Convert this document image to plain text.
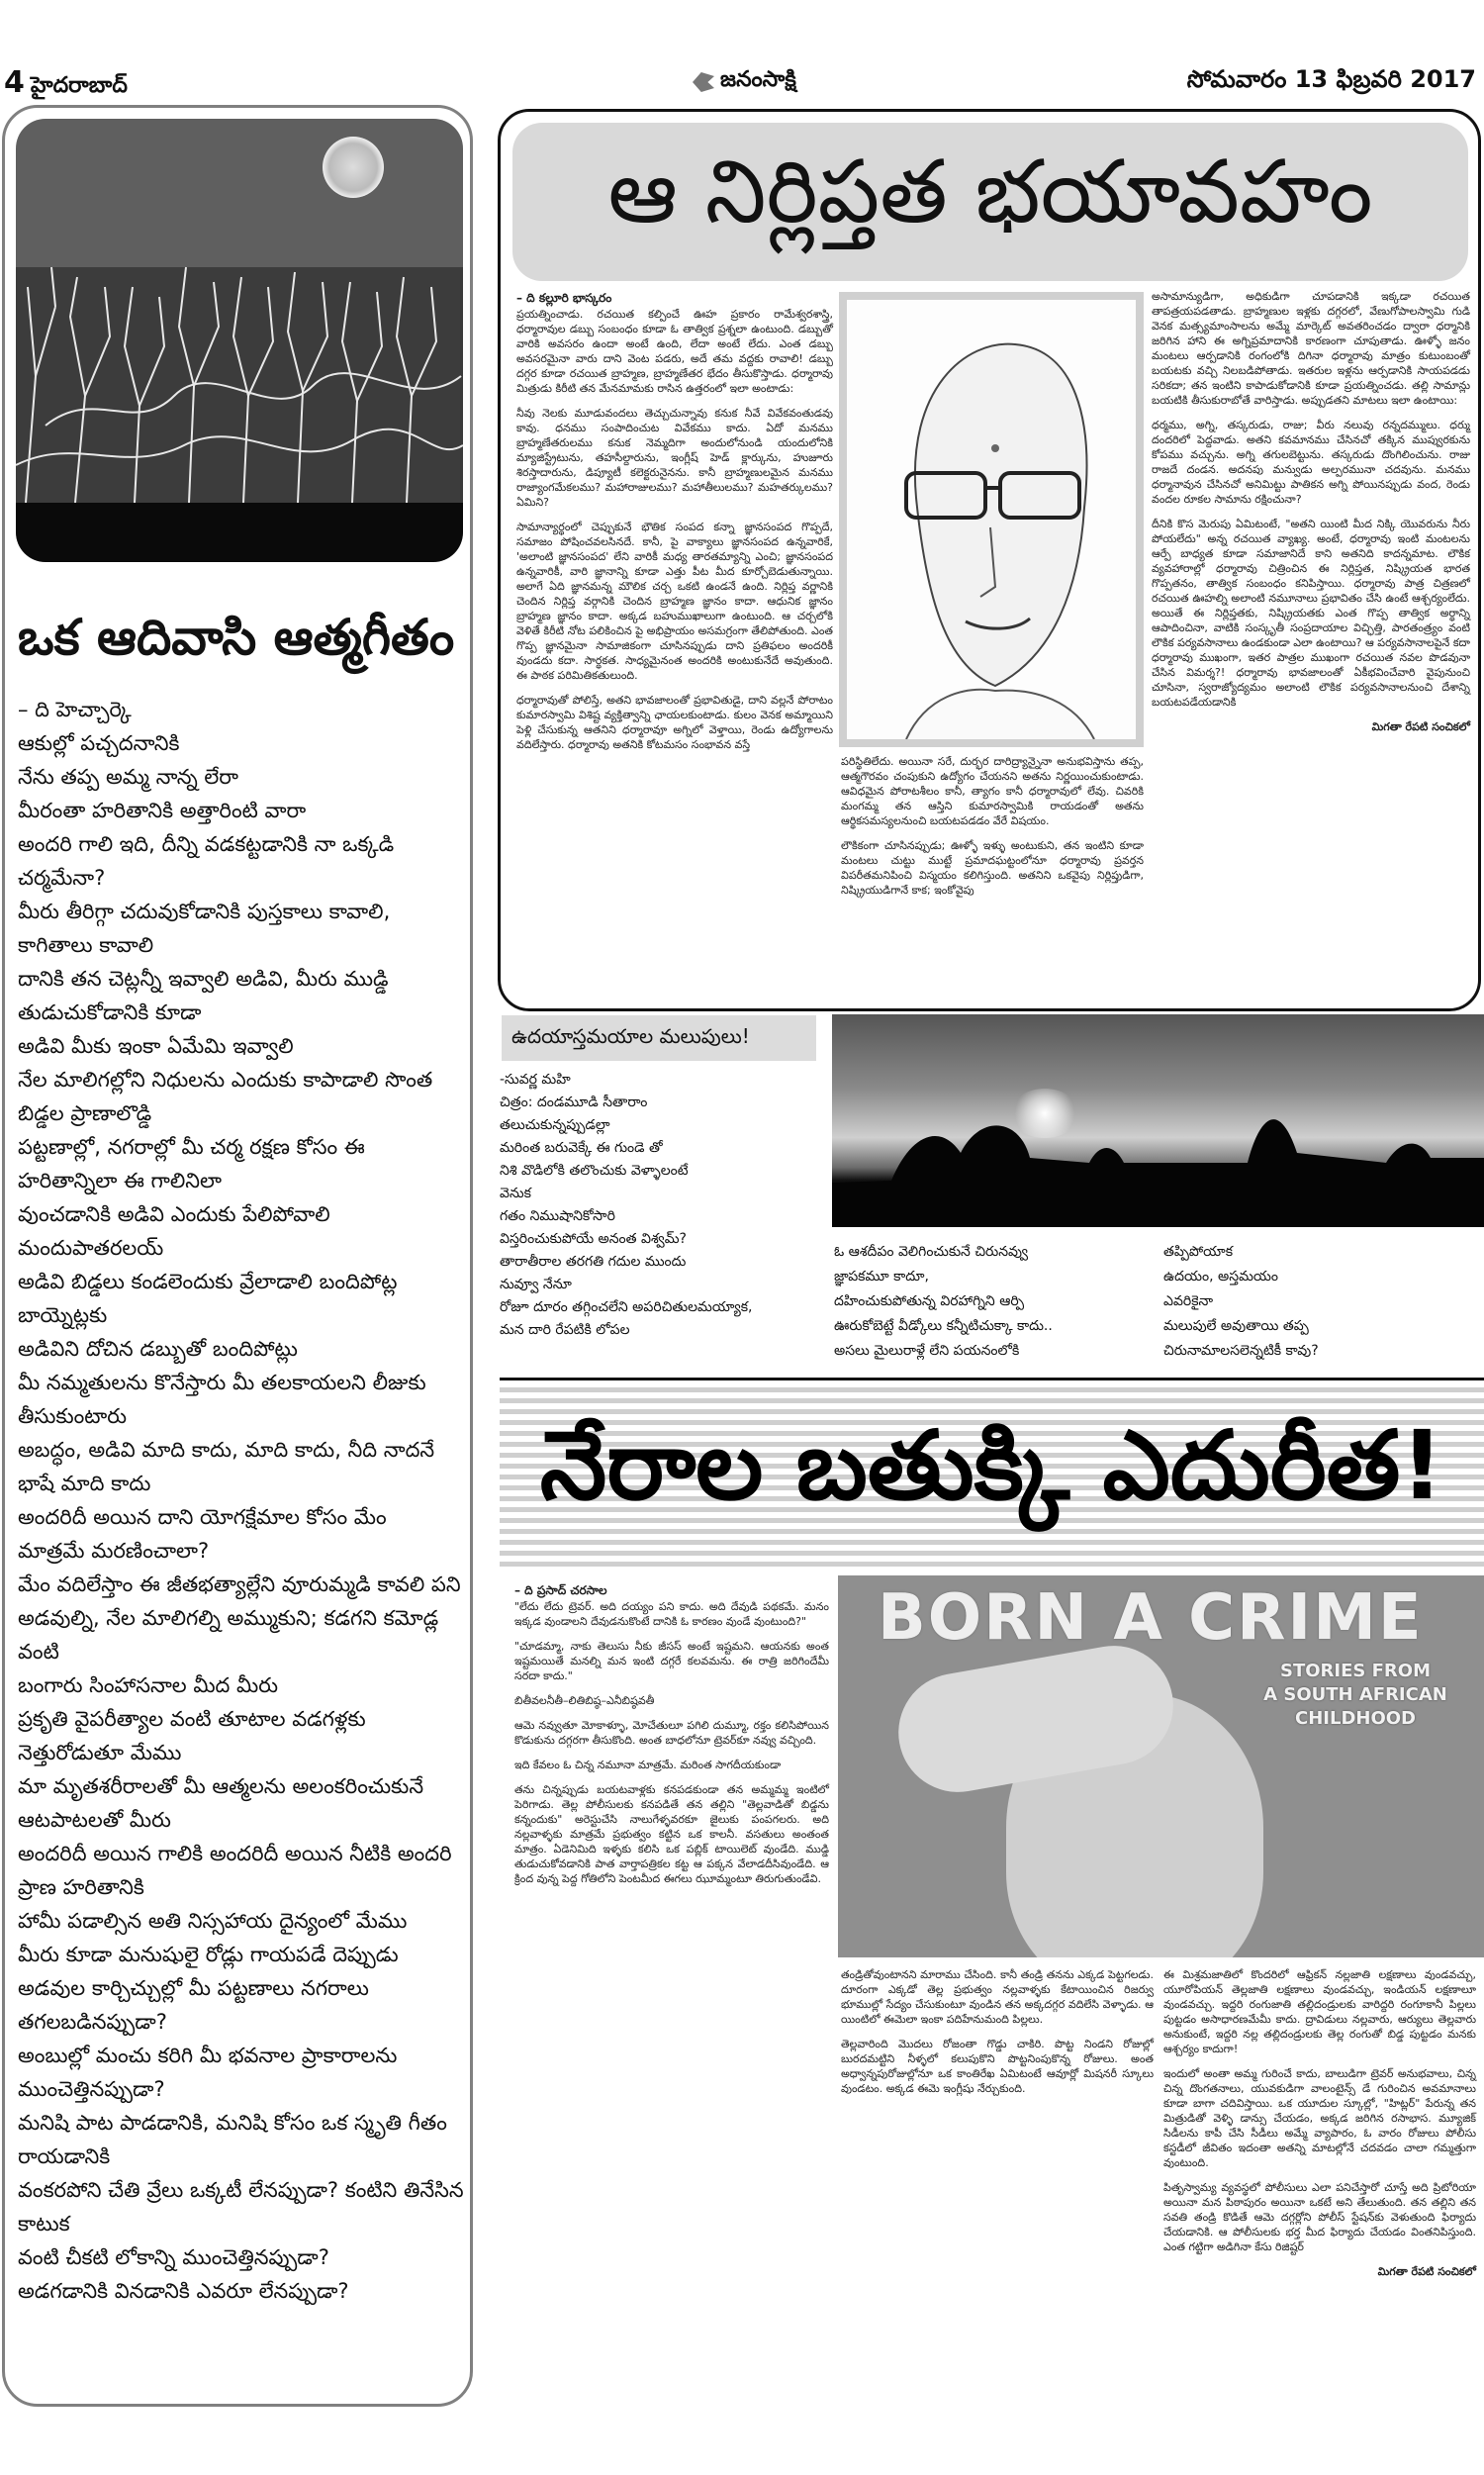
4 హైదరాబాద్	జనంసాక్షి	సోమవారం 13 ఫిబ్రవరి 2017
ఒక ఆదివాసి ఆత్మగీతం
– ది హెచ్చార్కె
ఆకుల్లో పచ్చదనానికి
నేను తప్ప అమ్మ నాన్న లేరా
మీరంతా హరితానికి అత్తారింటి వారా
అందరి గాలి ఇది, దీన్ని వడకట్టడానికి నా ఒక్కడి
చర్మమేనా?
మీరు తీరిగ్గా చదువుకోడానికి పుస్తకాలు కావాలి,
కాగితాలు కావాలి
దానికి తన చెట్లన్నీ ఇవ్వాలి అడివి, మీరు ముడ్డి
తుడుచుకోడానికి కూడా
అడివి మీకు ఇంకా ఏమేమి ఇవ్వాలి
నేల మాలిగల్లోని నిధులను ఎందుకు కాపాడాలి సొంత
బిడ్డల ప్రాణాలొడ్డి
పట్టణాల్లో, నగరాల్లో మీ చర్మ రక్షణ కోసం ఈ
హరితాన్నిలా ఈ గాలినిలా
వుంచడానికి అడివి ఎందుకు పేలిపోవాలి
మందుపాతరలయ్
అడివి బిడ్డలు కండలెందుకు వ్రేలాడాలి బందిపోట్ల
బాయ్నెట్లకు
అడివిని దోచిన డబ్బుతో బందిపోట్లు
మీ నమ్మతులను కొనేస్తారు మీ తలకాయలని లీజుకు
తీసుకుంటారు
అబద్ధం, అడివి మాది కాదు, మాది కాదు, నీది నాదనే
భాషే మాది కాదు
అందరిదీ అయిన దాని యోగక్షేమాల కోసం మేం
మాత్రమే మరణించాలా?
మేం వదిలేస్తాం ఈ జీతభత్యాల్లేని వూరుమ్మడి కావలి పని
అడవుల్ని, నేల మాలిగల్ని అమ్ముకుని; కడగని కమోడ్ల
వంటి
బంగారు సింహాసనాల మీద మీరు
ప్రకృతి వైపరీత్యాల వంటి తూటాల వడగళ్లకు
నెత్తురోడుతూ మేము
మా మృతశరీరాలతో మీ ఆత్మలను అలంకరించుకునే
ఆటపాటలతో మీరు
అందరిదీ అయిన గాలికి అందరిదీ అయిన నీటికి అందరి
ప్రాణ హరితానికి
హామీ పడాల్సిన అతి నిస్సహాయ దైన్యంలో మేము
మీరు కూడా మనుషులై రోడ్లు గాయపడే దెప్పుడు
అడవుల కార్చిచ్చుల్లో మీ పట్టణాలు నగరాలు
తగలబడినప్పుడా?
అంబుల్లో మంచు కరిగి మీ భవనాల ప్రాకారాలను
ముంచెత్తినప్పుడా?
మనిషి పాట పాడడానికి, మనిషి కోసం ఒక స్మృతి గీతం
రాయడానికి
వంకరపోని చేతి వ్రేలు ఒక్కటీ లేనప్పుడా? కంటిని తినేసిన
కాటుక
వంటి చీకటి లోకాన్ని ముంచెత్తినప్పుడా?
అడగడానికి వినడానికి ఎవరూ లేనప్పుడా?
ఆ నిర్లిప్తత భయావహం
– ది కల్లూరి భాస్కరం

ప్రయత్నించాడు. రచయిత కల్పించే ఊహ ప్రకారం రామేశ్వరశాస్త్రి, ధర్మారావుల డబ్బు సంబంధం కూడా ఓ తాత్విక ప్రశ్నలా ఉంటుంది. డబ్బుతో వారికి అవసరం ఉందా అంటే ఉంది, లేదా అంటే లేదు. ఎంత డబ్బు అవసరమైనా వారు దాని వెంట పడరు, అదే తమ వద్దకు రావాలి! డబ్బు దగ్గర కూడా రచయిత బ్రాహ్మణ, బ్రాహ్మణేతర భేదం తీసుకొస్తాడు. ధర్మారావు మిత్రుడు కిరీటి తన మేనమామకు రాసిన ఉత్తరంలో ఇలా అంటాడు:

నీవు నెలకు మూడువందలు తెచ్చుచున్నావు కనుక నీవే వివేకవంతుడవు కావు. ధనము సంపాదించుట వివేకము కాదు. ఏదో మనము బ్రాహ్మణేతరులము కనుక నెమ్మదిగా అందులోనుండి యందులోనికి మ్యాజిస్ట్రేటును, తహసీల్దారును, ఇంగ్లీష్ హెడ్ క్లార్కును, హుజూరు శిరస్తాదారును, డిప్యూటీ కలెక్టరునైనను. కానీ బ్రాహ్మణులమైన మనము రాజ్యాంగమేకలము? మహారాజులము? మహాతీలులము? మహతర్కులము? ఏమిని?

సామాన్యార్థంలో చెప్పుకునే భౌతిక సంపద కన్నా జ్ఞానసంపద గొప్పదే, సమాజం పోషించవలసినదే. కానీ, పై వాక్యాలు జ్ఞానసంపద ఉన్నవారికే, 'అలాంటి జ్ఞానసంపద' లేని వారికీ మధ్య తారతమ్యాన్ని ఎంచి; జ్ఞానసంపద ఉన్నవారికీ, వారి జ్ఞానాన్ని కూడా ఎత్తు పీట మీద కూర్చోబెడుతున్నాయి. అలాగే ఏది జ్ఞానమన్న మౌలిక చర్చ ఒకటి ఉండనే ఉంది. నిర్లిప్త వర్ణానికి చెందిన నిర్లిప్త వర్గానికి చెందిన బ్రాహ్మణ జ్ఞానం కాదా. ఆధునిక జ్ఞానం బ్రాహ్మణ జ్ఞానం కాదా. అక్కడ బహుముఖాలుగా ఉంటుంది. ఆ చర్చలోకి వెళితే కిరీటి నోట పలికించిన పై అభిప్రాయం అసమగ్రంగా తేలిపోతుంది. ఎంత గొప్ప జ్ఞానమైనా సామాజికంగా చూసినప్పుడు దాని ప్రతిఫలం అందరికీ వుండదు కదా. సార్థకత. సాధ్యమైనంత అందరికి అంటుకునేదే అవుతుంది. ఈ పాఠక పరిమితికతులుంది.

ధర్మారావుతో పోలిస్తే, అతని భావజాలంతో ప్రభావితుడై, దాని వల్లనే పోరాటం కుమారస్వామి విశిష్ట వ్యక్తిత్వాన్ని ఛాయలకుంటాడు. కులం వెనక అమ్మాయిని పెళ్లి చేసుకున్న ఆతనిని ధర్మారావూ అగ్నిలో వెళ్తాయి, రెండు ఉద్యోగాలను వదిలేస్తారు. ధర్మారావు అతనికి కోటమసం సంభావన వస్తే

పరిస్థితిలేదు. అయినా సరే, దుర్భర దారిద్ర్యాన్నైనా అనుభవిస్తాను తప్ప, ఆత్మగౌరవం చంపుకుని ఉద్యోగం చేయనని అతను నిర్ణయించుకుంటాడు. ఆవిధమైన పోరాటశీలం కానీ, త్యాగం కానీ ధర్మారావులో లేవు. చివరికి మంగమ్మ తన ఆస్తిని కుమారస్వామికి రాయడంతో అతను ఆర్థికసమస్యలనుంచి బయటపడడం వేరే విషయం.

లౌకికంగా చూసినప్పుడు; ఊళ్ళో ఇళ్ళు అంటుకుని, తన ఇంటిని కూడా మంటలు చుట్టు ముట్టే ప్రమాదఘట్టంలోనూ ధర్మారావు ప్రవర్తన విపరీతమనిపించి విస్మయం కలిగిస్తుంది. అతనిని ఒకవైపు నిర్లిప్తుడిగా, నిష్క్రియుడిగానే కాక; ఇంకోవైపు

అసామాన్యుడిగా, అధికుడిగా చూపడానికి ఇక్కడా రచయిత తాపత్రయపడతాడు. బ్రాహ్మణుల ఇళ్లకు దగ్గరలో, వేణుగోపాలస్వామి గుడి వెనక మత్స్యమాంసాలను అమ్మే మార్కెట్ అవతరించడం ద్వారా ధర్మానికి జరిగిన హాని ఈ అగ్నిప్రమాదానికి కారణంగా చూపుతాడు. ఊళ్ళో జనం మంటలు ఆర్పడానికి రంగంలోకి దిగినా ధర్మారావు మాత్రం కుటుంబంతో బయటకు వచ్చి నిలబడిపోతాడు. ఇతరుల ఇళ్లను ఆర్పడానికి సాయపడడు సరికదా; తన ఇంటిని కాపాడుకోడానికి కూడా ప్రయత్నించడు. తల్లి సామాన్లు బయటికి తీసుకురాబోతే వారిస్తాడు. అప్పుడతని మాటలు ఇలా ఉంటాయి:

ధర్మము, అగ్ని, తస్కరుడు, రాజు; వీరు నలువు రన్నదమ్ములు. ధర్ము దందరిలో పెద్దవాడు. అతని కవమానము చేసినచో తక్కిన ముప్వురకును కోపము వచ్చును. అగ్ని తగులబెట్టును. తస్కరుడు దొంగిలించును. రాజు రాజదే దండన. అదనపు మన్వుడు అల్పరమునా చదవును. మనము ధర్మానావున చేసినచో అనిమిట్టు పాతికన అగ్ని పోయినప్పుడు వంద, రెండు వందల రూకల సామాను రక్షించునా?

దీనికి కొస మెరుపు ఏమిటంటే, "అతని యింటి మీద నిక్కి యొవరును నీరు పోయలేదు" అన్న రచయిత వ్యాఖ్య. అంటే, ధర్మారావు ఇంటి మంటలను ఆర్పే బాధ్యత కూడా సమాజానిదే కాని అతనిది కాదన్నమాట. లౌకిక వ్యవహారాల్లో ధర్మారావు చిత్రించిన ఈ నిర్లిప్తత, నిష్క్రియత భారత గొప్పతనం, తాత్విక సంబంధం కనిపిస్తాయి. ధర్మారావు పాత్ర చిత్రణలో రచయిత ఊహల్ని అలాంటి నమూనాలు ప్రభావితం చేసి ఉంటే ఆశ్చర్యంలేదు. అయితే ఈ నిర్లిప్తతకు, నిష్క్రియతకు ఎంత గొప్ప తాత్విక అర్థాన్ని ఆపాదించినా, వాటికి సంస్కృతీ సంప్రదాయాల విచ్ఛిత్తి, పారతంత్ర్యం వంటి లౌకిక పర్యవసానాలు ఉండకుండా ఎలా ఉంటాయి? ఆ పర్యవసానాలపైనే కదా ధర్మారావు ముఖంగా, ఇతర పాత్రల ముఖంగా రచయిత నవల పొడవునా చేసిన విమర్శ?! ధర్మారావు భావజాలంతో ఏకీభవించేవారి వైపునుంచి చూసినా, స్వరాజ్యోద్యమం అలాంటి లౌకిక పర్యవసానాలనుంచి దేశాన్ని బయటపడేయడానికి

మిగతా రేపటి సంచికలో
ఉదయాస్తమయాల మలుపులు!
-సువర్ణ మహి
చిత్రం: దండమూడి సీతారాం
తలుచుకున్నప్పుడల్లా
మరింత బరువెక్కే ఈ గుండె తో
నిశి వొడిలోకి తలొంచుకు వెళ్ళాలంటే
వెనుక
గతం నిముషానికోసారి
విస్తరించుకుపోయే అనంత విశ్వమ్?
తారాతీరాల తరగతి గదుల ముందు
నువ్వూ నేనూ
రోజూ దూరం తగ్గించలేని అపరిచితులమయ్యాక,
మన దారి రేపటికి లోపల
ఓ ఆశదీపం వెలిగించుకునే చిరునవ్వు
జ్ఞాపకమూ కాదూ,
దహించుకుపోతున్న విరహాగ్నిని ఆర్పి
ఊరుకోబెట్టే వీడ్కోలు కన్నీటిచుక్కా కాదు..
అసలు మైలురాళ్లే లేని పయనంలోకి
తప్పిపోయాక
ఉదయం, అస్తమయం
ఎవరికైనా
మలుపులే అవుతాయి తప్ప
చిరునామాలసలెన్నటికీ కావు?
నేరాల బతుక్కి ఎదురీత!
BORN A CRIME
STORIES FROM
A SOUTH AFRICAN
CHILDHOOD
– ది ప్రసాద్ చరసాల

"లేదు లేదు ట్రెవర్. అది దయ్యం పని కాదు. అది దేవుడి పథకమే. మనం ఇక్కడ వుండాలని దేవుడనుకొంటే దానికి ఓ కారణం వుండే వుంటుంది?"

"చూడమ్మా, నాకు తెలుసు నీకు జీసస్ అంటే ఇష్టమని. ఆయనకు అంత ఇష్టమయితే మనల్ని మన ఇంటి దగ్గరే కలవమను. ఈ రాత్రి జరిగిందేమీ సరదా కాదు."

బితీవలనీతీ–లితిబిష్ఠ–ఎనీబిష్ఠవతీ

ఆమె నవ్వుతూ మోకాళ్ళూ, మోచేతులూ పగిలి దుమ్మూ, రక్తం కలిసిపోయిన కొడుకును దగ్గరగా తీసుకొంది. అంత బాధలోనూ ట్రెవర్‌కూ నవ్వు వచ్చింది.

ఇది కేవలం ఓ చిన్న నమూనా మాత్రమే. మరింత సాగదీయకుండా

తను చిన్నప్పుడు బయటవాళ్లకు కనపడకుండా తన అమ్మమ్మ ఇంటిలో పెరిగాడు. తెల్ల పోలీసులకు కనపడితే తన తల్లిని "తెల్లవాడితో బిడ్డను కన్నందుకు" అరెస్టుచేసి నాలుగేళ్ళవరకూ జైలుకు పంపగలరు. అది నల్లవాళ్ళకు మాత్రమే ప్రభుత్వం కట్టిన ఒక కాలనీ. వసతులు అంతంత మాత్రం. ఏడెనిమిది ఇళ్ళకు కలిసి ఒక పబ్లిక్ టాయిలెట్ వుండేది. ముడ్డి తుడుచుకోవడానికి పాత వార్తాపత్రికల కట్ట ఆ పక్కన వేలాడదీసివుండేది. ఆ క్రింద వున్న పెద్ద గోతిలోని పెంటమీద ఈగలు ఝూమ్మంటూ తిరుగుతుండేవి.

తండ్రితోవుంటానని మారాము చేసింది. కానీ తండ్రి తనను ఎక్కడ పెట్టగలడు. దూరంగా ఎక్కడో తెల్ల ప్రభుత్వం నల్లవాళ్ళకు కేటాయించిన రిజర్వు భూముల్లో సేద్యం చేసుకుంటూ వుండిన తన అక్కదగ్గర వదిలేసి వెళ్ళాడు. ఆ యింటిలో ఈమెలా ఇంకా పదిహేనుమంది పిల్లలు.

తెల్లవారింది మొదలు రోజంతా గొడ్డు చాకిరి. పొట్ట నిండని రోజుల్లో బురదమట్టిని నీళ్ళలో కలుపుకొని పొట్టనింపుకొన్న రోజులు. అంత అధ్వాన్నపురోజుల్లోనూ ఒక కాంతిరేఖ ఏమిటంటే ఆవూర్లో మిషనరీ స్కూలు వుండటం. అక్కడ ఈమె ఇంగ్లీషు నేర్చుకుంది.

ఈ మిశ్రమజాతిలో కొందరిలో ఆఫ్రికన్ నల్లజాతి లక్షణాలు వుండవచ్చు, యూరోపియన్ తెల్లజాతి లక్షణాలు వుండవచ్చు, ఇండియన్ లక్షణాలూ వుండవచ్చు. ఇద్దరి రంగుజాతి తల్లిదండ్రులకు వారిద్దరి రంగూకానీ పిల్లలు పుట్టడం అసాధారణమేమీ కాదు. ద్రావిడులు నల్లవారు, ఆర్యులు తెల్లవారు అనుకుంటే, ఇద్దరి నల్ల తల్లిదండ్రులకు తెల్ల రంగుతో బిడ్డ పుట్టడం మనకు ఆశ్చర్యం కాదుగా!

ఇందులో అంతా అమ్మ గురించే కాదు, బాలుడిగా ట్రెవర్ అనుభవాలు, చిన్న చిన్న దొంగతనాలు, యువకుడిగా వాలంటైన్స్ డే గురించిన అవమానాలు కూడా బాగా చదివిస్తాయి. ఒక యూదుల స్కూల్లో, "హిట్లర్" పేరున్న తన మిత్రుడితో వెళ్ళి డాన్సు చేయడం, అక్కడ జరిగిన రసాభాస. మ్యూజిక్ సిడీలను కాపీ చేసి సీడీలు అమ్మే వ్యాపారం, ఓ వారం రోజులు పోలీసు కస్టడీలో జీవితం ఇదంతా అతన్ని మాటల్లోనే చదవడం చాలా గమ్మత్తుగా వుంటుంది.

పితృస్వామ్య వ్యవస్థలో పోలీసులు ఎలా పనిచేస్తారో చూస్తే అది ప్రిటోరియా అయినా మన పిఠాపురం అయినా ఒకటే అని తేలుతుంది. తన తల్లిని తన సవతి తండ్రి కొడితే ఆమె దగ్గర్లోని పోలీస్ స్టేషన్‌కు వెళుతుంది ఫిర్యాదు చేయడానికి. ఆ పోలీసులకు భర్త మీద ఫిర్యాదు చేయడం వింతనిపిస్తుంది. ఎంత గట్టిగా అడిగినా కేసు రిజిష్టర్

మిగతా రేపటి సంచికలో
